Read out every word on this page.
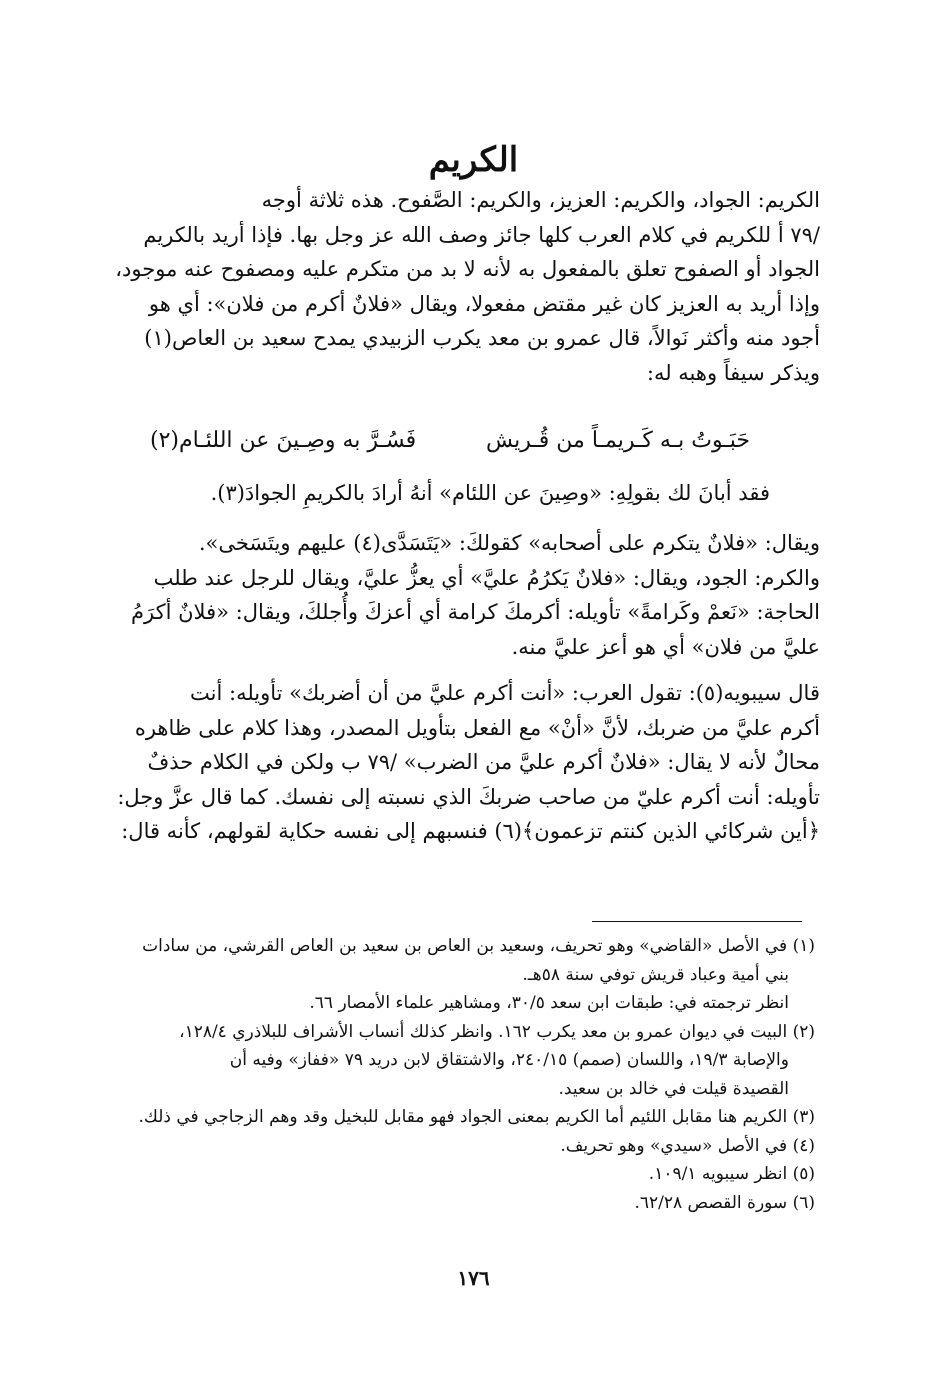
الكريم

الكريم: الجواد، والكريم: العزيز، والكريم: الصَّفوح. هذه ثلاثة أوجه

/٧٩ أ للكريم في كلام العرب كلها جائز وصف الله عز وجل بها. فإذا أريد بالكريم

الجواد أو الصفوح تعلق بالمفعول به لأنه لا بد من متكرم عليه ومصفوح عنه موجود،

وإذا أريد به العزيز كان غير مقتض مفعولا، ويقال «فلانٌ أكرم من فلان»: أي هو

أجود منه وأكثر نَوالاً، قال عمرو بن معد يكرب الزبيدي يمدح سعيد بن العاص(١)

ويذكر سيفاً وهبه له:

حَبَـوتُ بـه كَـريمـاً من قُـريش
فَسُـرَّ به وصِـينَ عن اللئـام(٢)
فقد أبانَ لك بقولِهِ: «وصِينَ عن اللئام» أنهُ أرادَ بالكريمِ الجوادَ(٣).

ويقال: «فلانٌ يتكرم على أصحابه» كقولكَ: «يَتَسَدَّى(٤) عليهم ويتَسَخى».

والكرم: الجود، ويقال: «فلانٌ يَكرُمُ عليَّ» أي يعزُّ عليَّ، ويقال للرجل عند طلب

الحاجة: «نَعمْ وكَرامةً» تأويله: أكرمكَ كرامة أي أعزكَ وأُجلكَ، ويقال: «فلانٌ أكرَمُ

عليَّ من فلان» أي هو أعز عليَّ منه.

قال سيبويه(٥): تقول العرب: «أنت أكرم عليَّ من أن أضربك» تأويله: أنت

أكرم عليَّ من ضربك، لأنَّ «أنْ» مع الفعل بتأويل المصدر، وهذا كلام على ظاهره

محالٌ لأنه لا يقال: «فلانٌ أكرم عليَّ من الضرب» /٧٩ ب ولكن في الكلام حذفٌ

تأويله: أنت أكرم عليّ من صاحب ضربكَ الذي نسبته إلى نفسك. كما قال عزَّ وجل:

﴿أين شركائي الذين كنتم تزعمون﴾(٦) فنسبهم إلى نفسه حكاية لقولهم، كأنه قال:

(١) في الأصل «القاضي» وهو تحريف، وسعيد بن العاص بن سعيد بن العاص القرشي، من سادات

بني أمية وعباد قريش توفي سنة ٥٨هـ.

انظر ترجمته في: طبقات ابن سعد ٣٠/٥، ومشاهير علماء الأمصار ٦٦.

(٢) البيت في ديوان عمرو بن معد يكرب ١٦٢. وانظر كذلك أنساب الأشراف للبلاذري ١٢٨/٤،

والإصابة ١٩/٣، واللسان (صمم) ٢٤٠/١٥، والاشتقاق لابن دريد ٧٩ «ففاز» وفيه أن

القصيدة قيلت في خالد بن سعيد.

(٣) الكريم هنا مقابل اللئيم أما الكريم بمعنى الجواد فهو مقابل للبخيل وقد وهم الزجاجي في ذلك.

(٤) في الأصل «سيدي» وهو تحريف.

(٥) انظر سيبويه ١٠٩/١.

(٦) سورة القصص ٦٢/٢٨.

١٧٦
